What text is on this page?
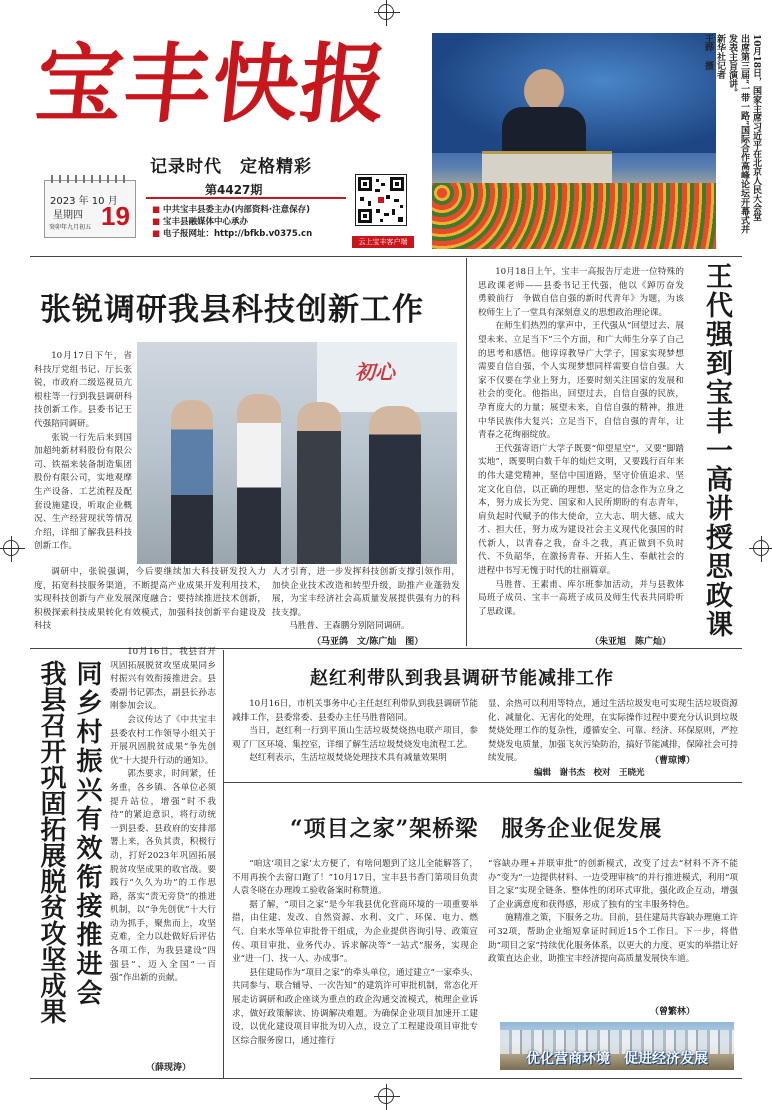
宝丰快报
记录时代　定格精彩
2023 年 10 月
星期四
癸卯年九月初五 19
第4427期
■ 中共宝丰县委主办(内部资料·注意保存)
■ 宝丰县融媒体中心承办
■ 电子报网址：http://bfkb.v0375.cn
云上宝丰客户端
10月18日，国家主席习近平在北京人民大会堂
出席第三届“一带一路”国际合作高峰论坛开幕式并
发表主旨演讲。
新华社记者
王晔　摄
张锐调研我县科技创新工作

10月17日下午，省科技厅党组书记、厅长张锐，市政府二级巡视员亢根柱等一行到我县调研科技创新工作。县委书记王代强陪同调研。

张锐一行先后来到国加超纯新材料股份有限公司、铁福来装备制造集团股份有限公司，实地观摩生产设备、工艺流程及配套设施建设，听取企业概况、生产经营现状等情况介绍，详细了解我县科技创新工作。

调研中，张锐强调，今后要继续加大科技研发投入力度，拓宽科技服务渠道，不断提高产业成果开发利用技术，实现科技创新与产业发展深度融合；要持续推进技术创新，积极探索科技成果转化有效模式，加强科技创新平台建设及科技

初心

人才引育，进一步发挥科技创新支撑引领作用，加快企业技术改造和转型升级，助推产业蓬勃发展，为宝丰经济社会高质量发展提供强有力的科技支撑。

马胜普、王森鹏分别陪同调研。

（马亚鸽　文/陈广灿　图）

10月18日上午，宝丰一高报告厅走进一位特殊的思政课老师——县委书记王代强，他以《踔厉奋发　勇毅前行　争做自信自强的新时代青年》为题，为该校师生上了一堂具有深刻意义的思想政治理论课。

在师生们热烈的掌声中，王代强从“回望过去、展望未来、立足当下”三个方面，和广大师生分享了自己的思考和感悟。他谆谆教导广大学子，国家实现梦想需要自信自强，个人实现梦想同样需要自信自强。大家不仅要在学业上努力，还要时刻关注国家的发展和社会的变化。他指出，回望过去，自信自强的民族，孕育庞大的力量；展望未来，自信自强的精神，推进中华民族伟大复兴；立足当下，自信自强的青年，让青春之花绚丽绽放。

王代强寄语广大学子既要“仰望星空”，又要“脚踏实地”，既要明白数千年的灿烂文明，又要践行百年来的伟大建党精神，坚信中国道路，坚守价值追求、坚定文化自信，以正确的理想、坚定的信念作为立身之本，努力成长为党、国家和人民所期盼的有志青年，肩负起时代赋予的伟大使命，立大志、明大德、成大才、担大任，努力成为建设社会主义现代化强国的时代新人，以青春之我，奋斗之我，真正做到不负时代、不负韶华，在激扬青春、开拓人生、奉献社会的进程中书写无愧于时代的壮丽篇章。

马胜普、王素甫、库尔班参加活动，并与县教体局班子成员、宝丰一高班子成员及师生代表共同聆听了思政课。

（朱亚旭　陈广灿）
王代强到宝丰一高讲授思政课
同乡村振兴有效衔接推进会
我县召开巩固拓展脱贫攻坚成果

10月16日，我县召开巩固拓展脱贫攻坚成果同乡村振兴有效衔接推进会。县委副书记郭杰，副县长孙志刚参加会议。

会议传达了《中共宝丰县委农村工作领导小组关于开展巩固脱贫成果“争先创优”十大提升行动的通知》。

郭杰要求，时间紧，任务重，各乡镇、各单位必须提升站位，增强“时不我待”的紧迫意识，将行动统一到县委、县政府的安排部署上来，各负其责，积极行动，打好2023年巩固拓展脱贫攻坚成果的收官战。要践行“久久为功”的工作思路，落实“责无旁贷”的推进机制，以“争先创优”十大行动为抓手，聚焦而上，攻坚克难，全力以赴做好后评估各项工作，为我县建设“四强县”、迈入全国“一百强”作出新的贡献。

（薛现涛）
赵红利带队到我县调研节能减排工作

10月16日，市机关事务中心主任赵红利带队到我县调研节能减排工作，县委常委、县委办主任马胜普陪同。

当日，赵红利一行到平顶山生活垃圾焚烧热电联产项目，参观了厂区环境、集控室，详细了解生活垃圾焚烧发电流程工艺。

赵红利表示，生活垃圾焚烧处理技术具有减量效果明

显、余热可以利用等特点，通过生活垃圾发电可实现生活垃圾资源化、减量化、无害化的处理，在实际操作过程中要充分认识到垃圾焚烧处理工作的复杂性，遵循安全、可靠、经济、环保原则，严控焚烧发电质量，加强飞灰污染防治，搞好节能减排，保障社会可持续发展。	（曹琼博）
编辑　谢书杰　校对　王晓光
“项目之家”架桥梁　服务企业促发展

“咱这‘项目之家’太方便了，有啥问题到了这儿全能解答了，不用再挨个去窗口跑了！”10月17日，宝丰县书香门第项目负责人袁冬晓在办理竣工验收备案时称赞道。

据了解，“项目之家”是今年我县优化营商环境的一项重要举措，由住建、发改、自然资源、水利、文广、环保、电力、燃气、自来水等单位审批骨干组成，为企业提供咨询引导、政策宣传、项目审批、业务代办、诉求解决等“一站式”服务，实现企业“进一门、找一人、办成事”。

县住建局作为“项目之家”的牵头单位，通过建立“一家牵头、共同参与、联合辅导、一次告知”的建筑许可审批机制，常态化开展走访调研和政企座谈为重点的政企沟通交流模式，梳理企业诉求，做好政策解读、协调解决难题。为确保企业项目加速开工建设，以优化建设项目审批为切入点，设立了工程建设项目审批专区综合服务窗口，通过推行

“容缺办理+并联审批”的创新模式，改变了过去“材料不齐不能办”变为“一边提供材料、一边受理审核”的并行推进模式，利用“项目之家”实现全链条、整体性的闭环式审批，强化政企互动，增强了企业满意度和获得感，形成了独有的宝丰服务特色。

施精准之策，下服务之功。目前，县住建局共容缺办理施工许可32项，帮助企业缩短拿证时间近15个工作日。下一步，将借助“项目之家”持续优化服务体系，以更大的力度、更实的举措让好政策直达企业，助推宝丰经济提向高质量发展快车道。

（曾繁林）
优化营商环境　促进经济发展
